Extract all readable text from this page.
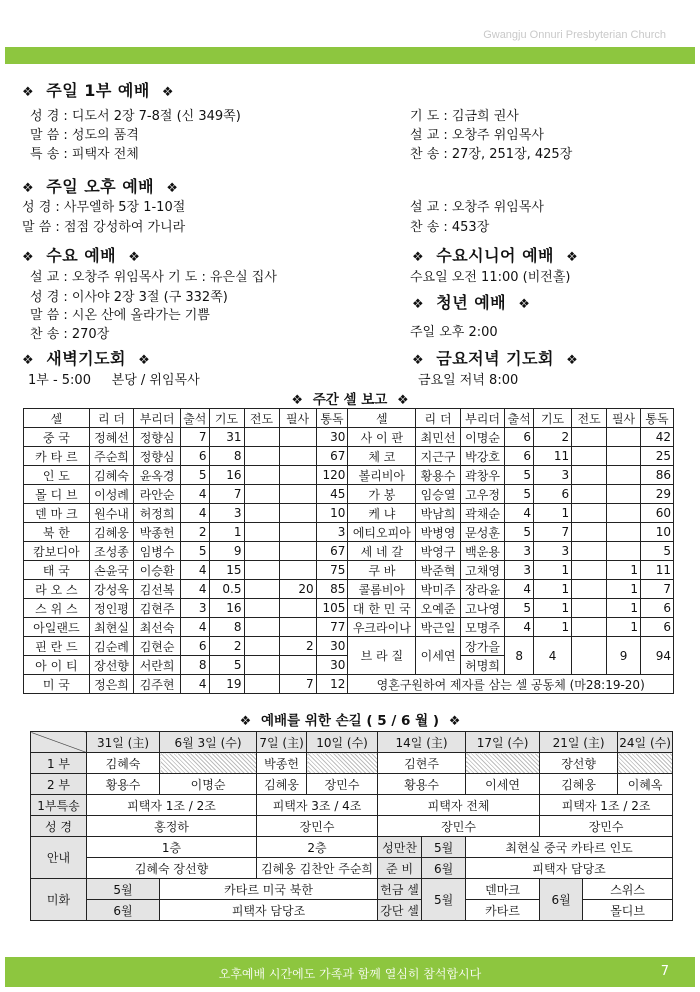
Gwangju Onnuri Presbyterian Church
❖ 주일 1부 예배 ❖
성 경 : 디도서 2장 7-8절 (신 349쪽)
말 씀 : 성도의 품격
특 송 : 피택자 전체
기 도 : 김금희 권사
설 교 : 오창주 위임목사
찬 송 : 27장, 251장, 425장
❖ 주일 오후 예배 ❖
성 경 : 사무엘하 5장 1-10절
말 씀 : 점점 강성하여 가니라
설 교 : 오창주 위임목사
찬 송 : 453장
❖ 수요 예배 ❖
설 교 : 오창주 위임목사 기 도 : 유은실 집사
성 경 : 이사야 2장 3절 (구 332쪽)
말 씀 : 시온 산에 올라가는 기쁨
찬 송 : 270장
❖ 수요시니어 예배 ❖
수요일 오전 11:00 (비전홀)
❖ 청년 예배 ❖
주일 오후 2:00
❖ 새벽기도회 ❖
1부 - 5:00     본당 / 위임목사
❖ 금요저녁 기도회 ❖
금요일 저녁 8:00
❖ 주간 셀 보고 ❖
셀	리 더	부리더	출석	기도	전도	필사	통독	셀	리 더	부리더	출석	기도	전도	필사	통독
중 국	정혜선	정향심	7	31			30	사 이 판	최민선	이명순	6	2			42
카 타 르	주순희	정향심	6	8			67	체 코	지근구	박강호	6	11			25
인 도	김혜숙	윤옥경	5	16			120	볼리비아	황용수	곽창우	5	3			86
몰 디 브	이성례	라안순	4	7			45	가 봉	임승열	고우정	5	6			29
덴 마 크	원수내	허정희	4	3			10	케 냐	박남희	곽채순	4	1			60
북 한	김혜웅	박종헌	2	1			3	에티오피아	박병영	문성훈	5	7			10
캄보디아	조성종	임병수	5	9			67	세 네 갈	박영구	백운용	3	3			5
태 국	손윤국	이승환	4	15			75	쿠 바	박준혁	고채영	3	1		1	11
라 오 스	강성욱	김선복	4	0.5		20	85	콜롬비아	박미주	장라윤	4	1		1	7
스 위 스	정인평	김현주	3	16			105	대 한 민 국	오예준	고나영	5	1		1	6
아일랜드	최현실	최선숙	4	8			77	우크라이나	박근일	모명주	4	1		1	6
핀 란 드	김순례	김현순	6	2		2	30	브 라 질	이세연	장가을	8	4		9	94
아 이 티	장선향	서란희	8	5			30			허명희					
미 국	정은희	김주현	4	19		7	12	영혼구원하여 제자를 삼는 셀 공동체 (마28:19-20)							
❖ 예배를 위한 손길 ( 5 / 6 월 ) ❖
	31일 (主)	6월 3일 (수)	7일 (主)	10일 (수)	14일 (主)		17일 (수)	21일 (主)		24일 (수)
1 부	김혜숙		박종헌		김현주			장선향		
2 부	황용수	이명순	김혜웅	장민수	황용수		이세연	김혜웅		이혜옥
1부특송	피택자 1조 / 2조		피택자 3조 / 4조		피택자 전체			피택자 1조 / 2조		
성 경	홍정하		장민수		장민수			장민수		
안내	1층		2층		성만찬	5월	최현실 중국 카타르 인도			
	김혜숙 장선향		김혜웅 김찬안 주순희		준 비	6월	피택자 담당조			
미화	5월	카타르 미국 북한			헌금 셀	5월	덴마크	6월	스위스	
	6월	피택자 담당조			강단 셀		카타르		몰디브	
오후예배 시간에도 가족과 함께 열심히 참석합시다	7
